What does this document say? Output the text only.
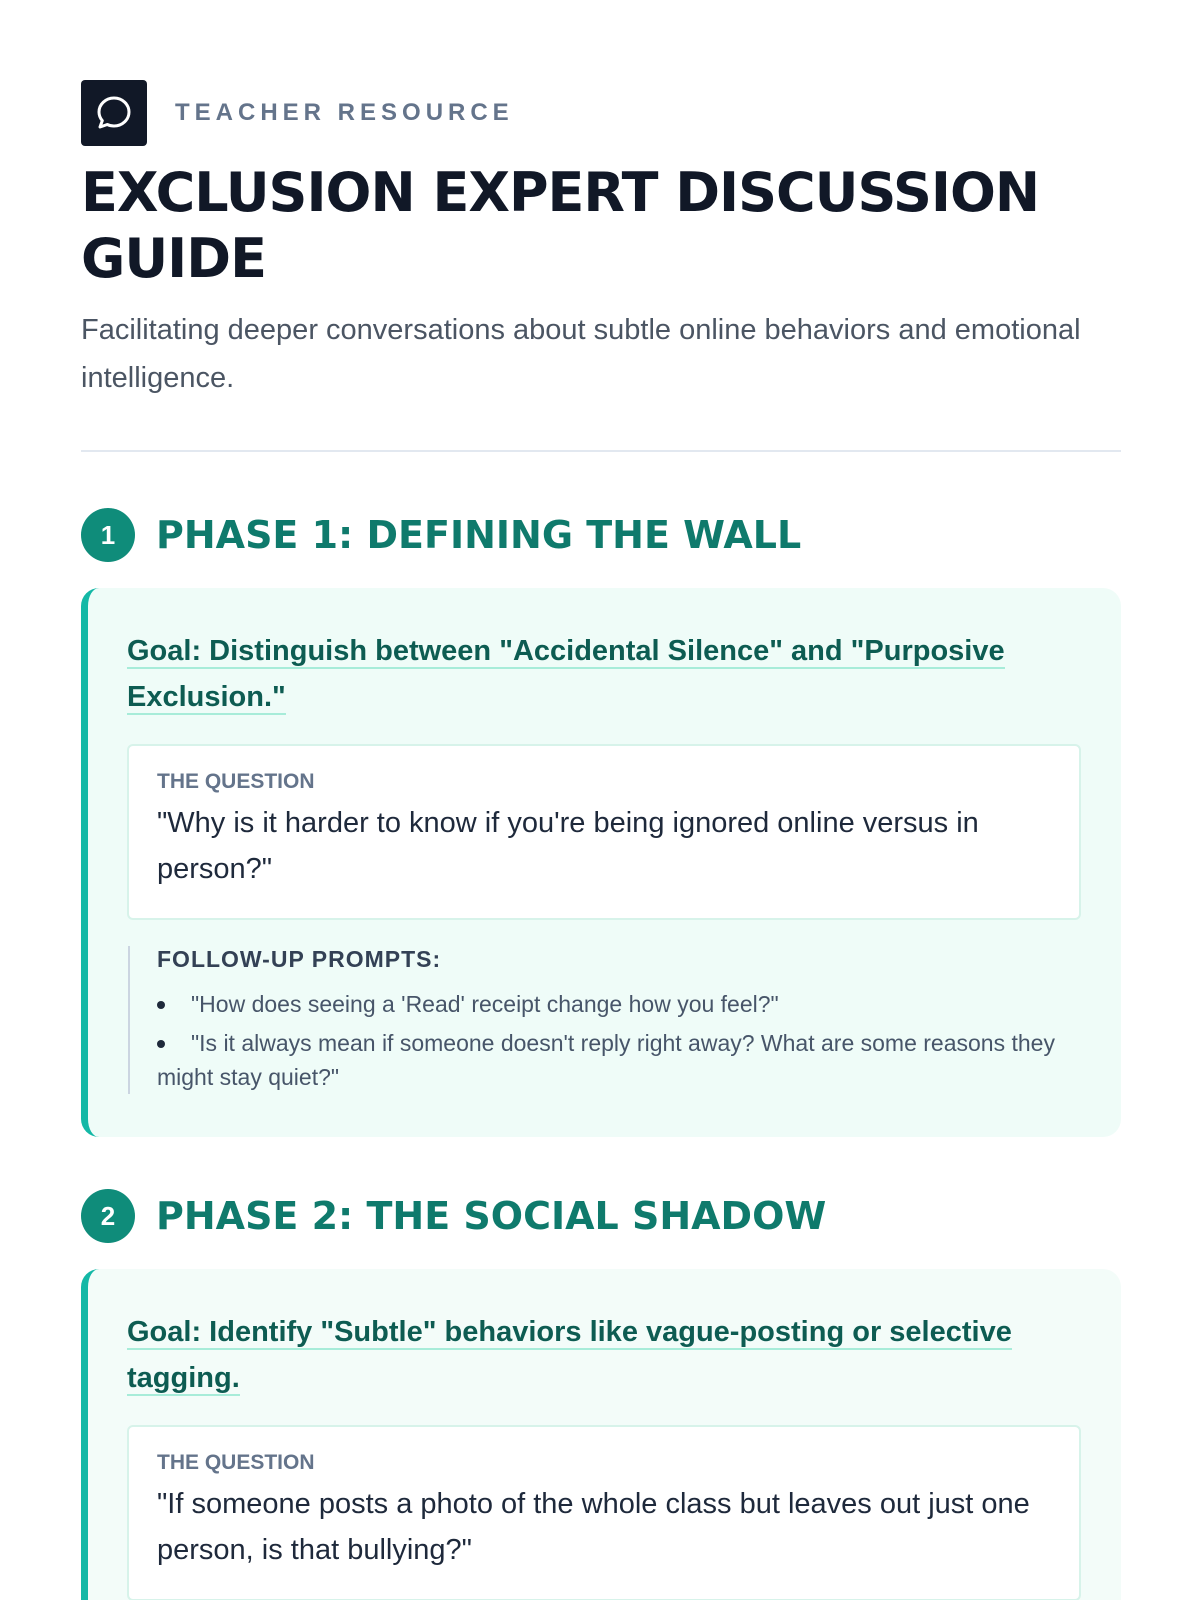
TEACHER RESOURCE
EXCLUSION EXPERT DISCUSSION GUIDE

Facilitating deeper conversations about subtle online behaviors and emotional intelligence.

1	PHASE 1: DEFINING THE WALL
Goal: Distinguish between "Accidental Silence" and "Purposive Exclusion."
THE QUESTION
"Why is it harder to know if you're being ignored online versus in person?"
FOLLOW-UP PROMPTS:
"How does seeing a 'Read' receipt change how you feel?"
"Is it always mean if someone doesn't reply right away? What are some reasons they might stay quiet?"
2	PHASE 2: THE SOCIAL SHADOW
Goal: Identify "Subtle" behaviors like vague-posting or selective tagging.
THE QUESTION
"If someone posts a photo of the whole class but leaves out just one person, is that bullying?"
